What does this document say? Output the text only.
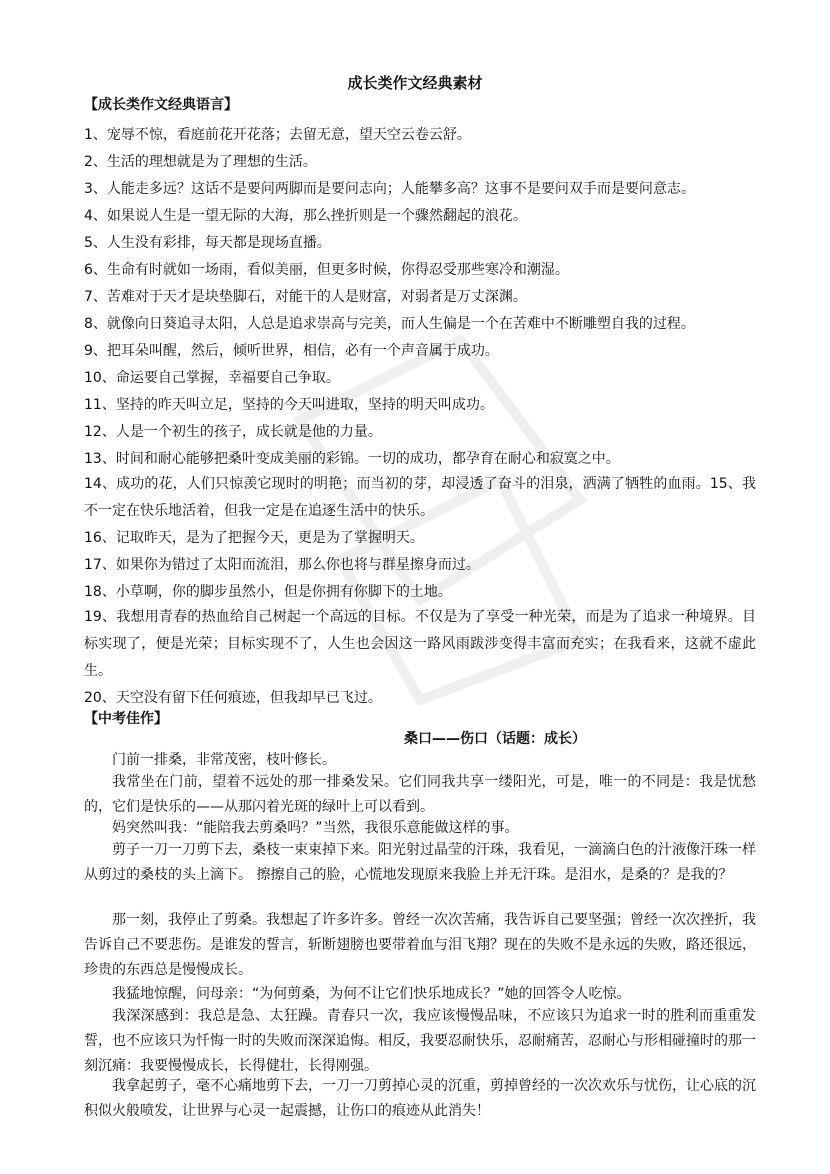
成长类作文经典素材
【成长类作文经典语言】
1、宠辱不惊，看庭前花开花落；去留无意，望天空云卷云舒。
2、生活的理想就是为了理想的生活。
3、人能走多远？这话不是要问两脚而是要问志向；人能攀多高？这事不是要问双手而是要问意志。
4、如果说人生是一望无际的大海，那么挫折则是一个骤然翻起的浪花。
5、人生没有彩排，每天都是现场直播。
6、生命有时就如一场雨，看似美丽，但更多时候，你得忍受那些寒冷和潮湿。
7、苦难对于天才是块垫脚石，对能干的人是财富，对弱者是万丈深渊。
8、就像向日葵追寻太阳，人总是追求崇高与完美，而人生偏是一个在苦难中不断雕塑自我的过程。
9、把耳朵叫醒，然后，倾听世界，相信，必有一个声音属于成功。
10、命运要自己掌握，幸福要自己争取。
11、坚持的昨天叫立足，坚持的今天叫进取，坚持的明天叫成功。
12、人是一个初生的孩子，成长就是他的力量。
13、时间和耐心能够把桑叶变成美丽的彩锦。一切的成功，都孕育在耐心和寂寞之中。
14、成功的花，人们只惊羡它现时的明艳；而当初的芽，却浸透了奋斗的泪泉，洒满了牺牲的血雨。15、我不一定在快乐地活着，但我一定是在追逐生活中的快乐。
16、记取昨天，是为了把握今天，更是为了掌握明天。
17、如果你为错过了太阳而流泪，那么你也将与群星擦身而过。
18、小草啊，你的脚步虽然小，但是你拥有你脚下的土地。
19、我想用青春的热血给自己树起一个高远的目标。不仅是为了享受一种光荣，而是为了追求一种境界。目标实现了，便是光荣；目标实现不了，人生也会因这一路风雨跋涉变得丰富而充实；在我看来，这就不虚此生。
20、天空没有留下任何痕迹，但我却早已飞过。
【中考佳作】
桑口——伤口（话题：成长）
门前一排桑，非常茂密，枝叶修长。
我常坐在门前，望着不远处的那一排桑发呆。它们同我共享一缕阳光，可是，唯一的不同是：我是忧愁的，它们是快乐的——从那闪着光斑的绿叶上可以看到。
妈突然叫我：“能陪我去剪桑吗？”当然，我很乐意能做这样的事。
剪子一刀一刀剪下去，桑枝一束束掉下来。阳光射过晶莹的汗珠，我看见，一滴滴白色的汁液像汗珠一样从剪过的桑枝的头上滴下。 擦擦自己的脸，心慌地发现原来我脸上并无汗珠。是泪水，是桑的？是我的？
那一刻，我停止了剪桑。我想起了许多许多。曾经一次次苦痛，我告诉自己要坚强；曾经一次次挫折，我告诉自己不要悲伤。是谁发的誓言，斩断翅膀也要带着血与泪飞翔？现在的失败不是永远的失败，路还很远，珍贵的东西总是慢慢成长。
我猛地惊醒，问母亲：“为何剪桑，为何不让它们快乐地成长？”她的回答令人吃惊。
我深深感到：我总是急、太狂躁。青春只一次，我应该慢慢品味，不应该只为追求一时的胜利而重重发誓，也不应该只为忏悔一时的失败而深深追悔。相反，我要忍耐快乐，忍耐痛苦，忍耐心与形相碰撞时的那一刻沉痛：我要慢慢成长，长得健壮，长得刚强。
我拿起剪子，毫不心痛地剪下去，一刀一刀剪掉心灵的沉重，剪掉曾经的一次次欢乐与忧伤，让心底的沉积似火般喷发，让世界与心灵一起震撼，让伤口的痕迹从此消失！
